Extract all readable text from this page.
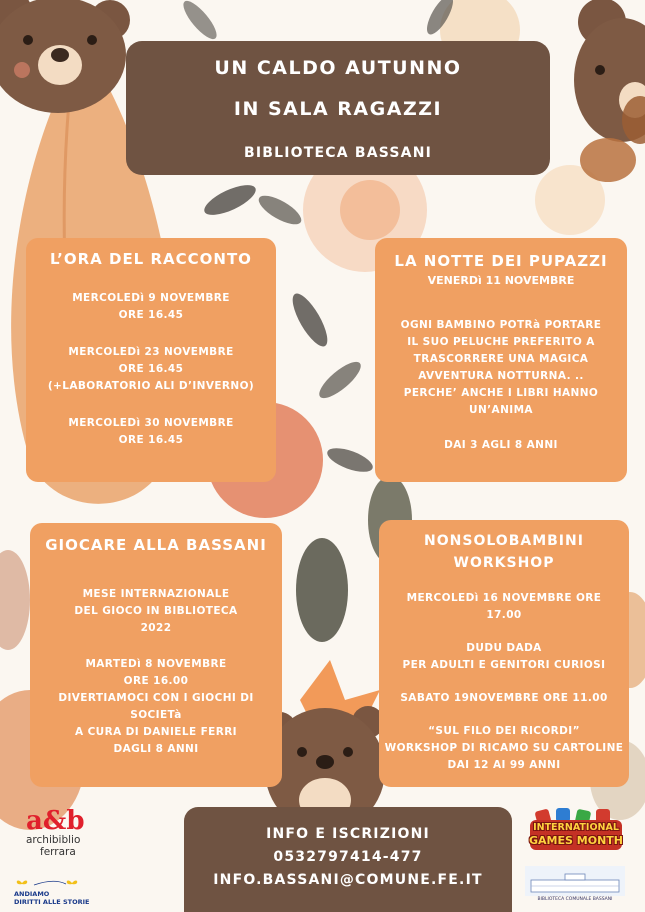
UN CALDO AUTUNNO
IN SALA RAGAZZI
BIBLIOTECA BASSANI
L’ORA DEL RACCONTO
MERCOLEDì 9 NOVEMBRE
ORE 16.45
MERCOLEDì 23 NOVEMBRE
ORE 16.45
(+LABORATORIO ALI D’INVERNO)
MERCOLEDì 30 NOVEMBRE
ORE 16.45
LA NOTTE DEI PUPAZZI
VENERDì 11 NOVEMBRE
OGNI BAMBINO POTRà PORTARE
IL SUO PELUCHE PREFERITO A
TRASCORRERE UNA MAGICA
AVVENTURA NOTTURNA. ..
PERCHE’ ANCHE I LIBRI HANNO
UN’ANIMA
DAI 3 AGLI 8 ANNI
GIOCARE ALLA BASSANI
MESE INTERNAZIONALE
DEL GIOCO IN BIBLIOTECA
2022
MARTEDì 8 NOVEMBRE
ORE 16.00
DIVERTIAMOCI CON I GIOCHI DI
SOCIETà
A CURA DI DANIELE FERRI
DAGLI 8 ANNI
NONSOLOBAMBINI
WORKSHOP
MERCOLEDì 16 NOVEMBRE ORE
17.00
DUDU DADA
PER ADULTI E GENITORI CURIOSI
SABATO 19NOVEMBRE ORE 11.00
“SUL FILO DEI RICORDI”
WORKSHOP DI RICAMO SU CARTOLINE
DAI 12 AI 99 ANNI
INFO E ISCRIZIONI
0532797414-477
INFO.BASSANI@COMUNE.FE.IT
a&b
archibiblio
ferrara
ANDIAMO
DIRITTI ALLE STORIE
INTERNATIONAL
GAMES MONTH
BIBLIOTECA COMUNALE BASSANI
